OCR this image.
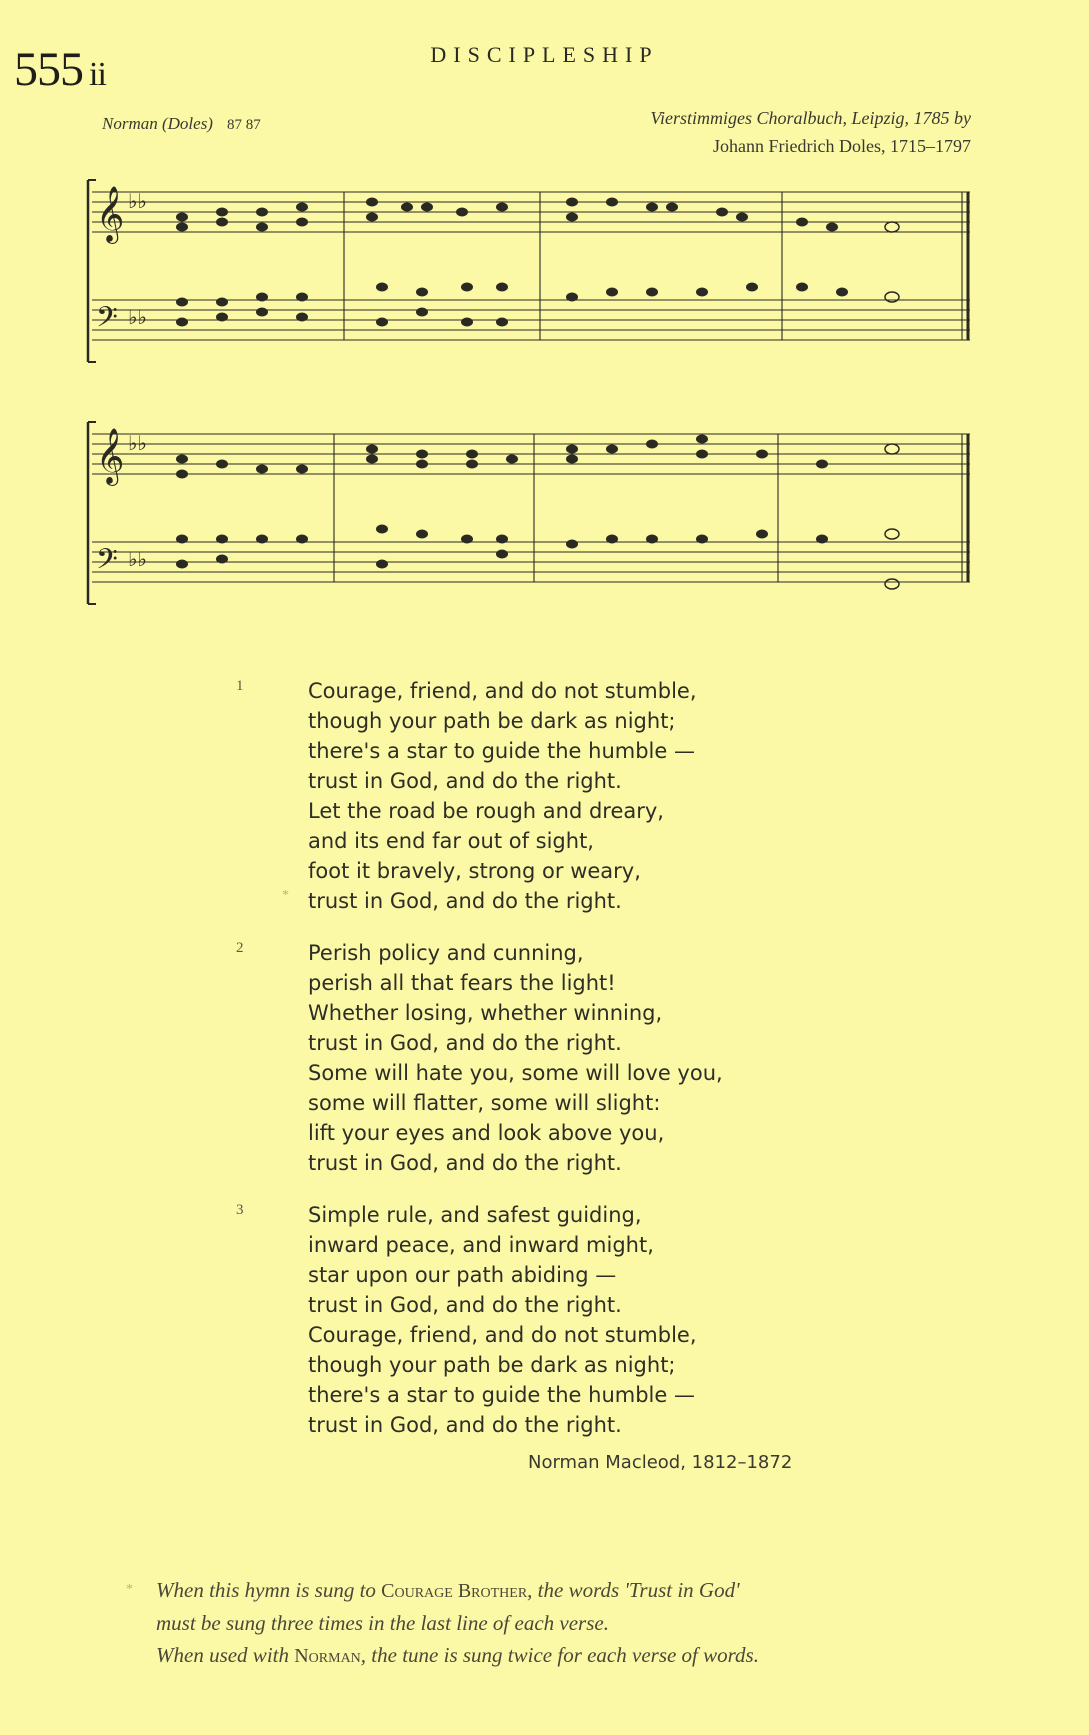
555 ii
DISCIPLESHIP
Norman (Doles) 87 87	Vierstimmiges Choralbuch, Leipzig, 1785 by
Johann Friedrich Doles, 1715–1797
𝄞
𝄢
♭♭
♭♭
𝄞
𝄢
♭♭
♭♭
1	Courage, friend, and do not stumble,
though your path be dark as night;
there's a star to guide the humble —
trust in God, and do the right.
Let the road be rough and dreary,
and its end far out of sight,
foot it bravely, strong or weary,
trust in God, and do the right.
2	Perish policy and cunning,
perish all that fears the light!
Whether losing, whether winning,
trust in God, and do the right.
Some will hate you, some will love you,
some will flatter, some will slight:
lift your eyes and look above you,
trust in God, and do the right.
3	Simple rule, and safest guiding,
inward peace, and inward might,
star upon our path abiding —
trust in God, and do the right.
Courage, friend, and do not stumble,
though your path be dark as night;
there's a star to guide the humble —
trust in God, and do the right.
*
Norman Macleod, 1812–1872
* When this hymn is sung to Courage Brother, the words 'Trust in God'
must be sung three times in the last line of each verse.
When used with Norman, the tune is sung twice for each verse of words.
